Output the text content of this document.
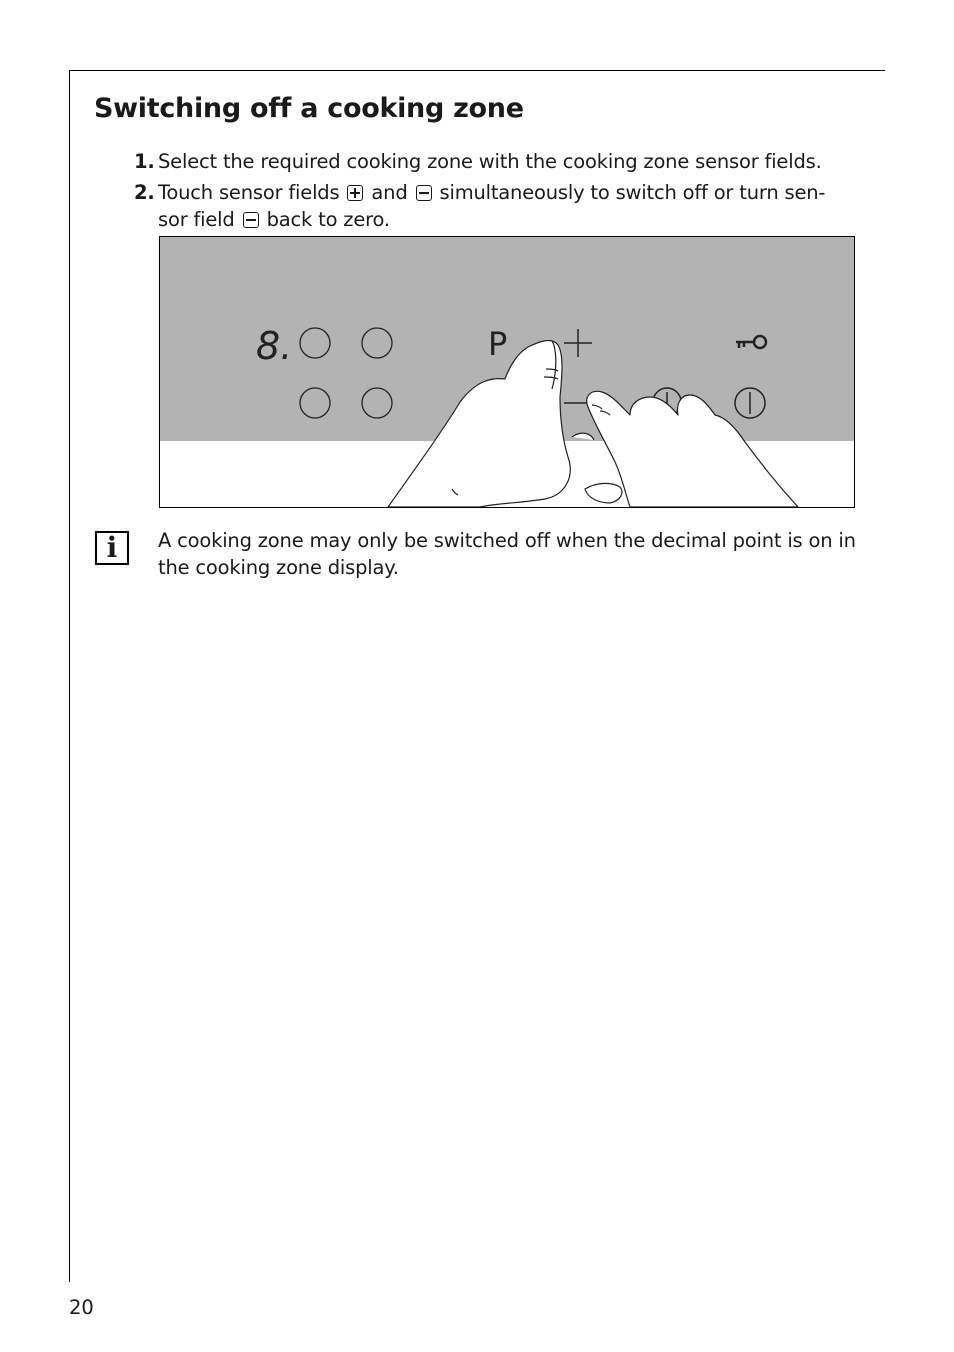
Switching off a cooking zone
1. Select the required cooking zone with the cooking zone sensor fields.
2. Touch sensor fields and simultaneously to switch off or turn sen-
sor field back to zero.
8.	P
i	A cooking zone may only be switched off when the decimal point is on in the cooking zone display.

20
